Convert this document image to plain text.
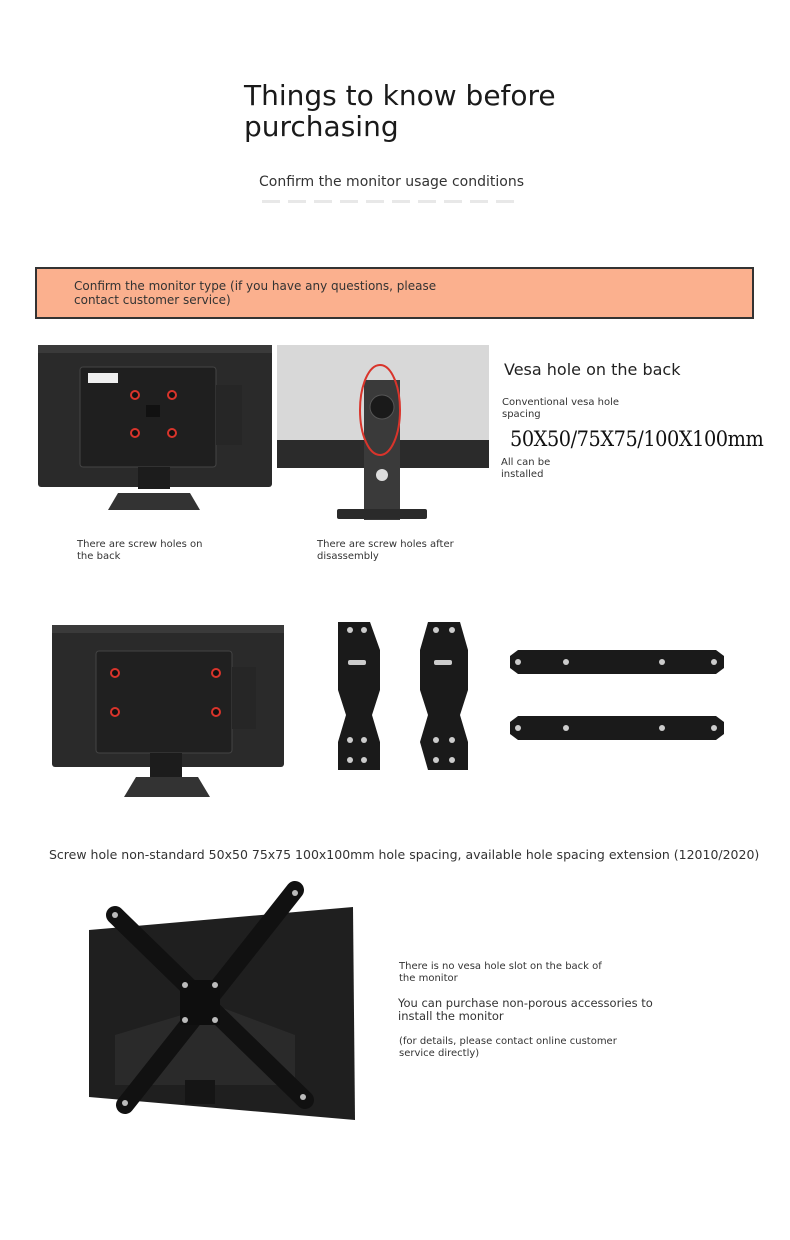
Things to know before purchasing
Confirm the monitor usage conditions
Confirm the monitor type (if you have any questions, please contact customer service)
Vesa hole on the back
Conventional vesa hole spacing
50X50/75X75/100X100mm
All can be installed
There are screw holes on the back
There are screw holes after disassembly
Screw hole non-standard 50x50 75x75 100x100mm hole spacing, available hole spacing extension (12010/2020)
There is no vesa hole slot on the back of the monitor
You can purchase non-porous accessories to install the monitor
(for details, please contact online customer service directly)
